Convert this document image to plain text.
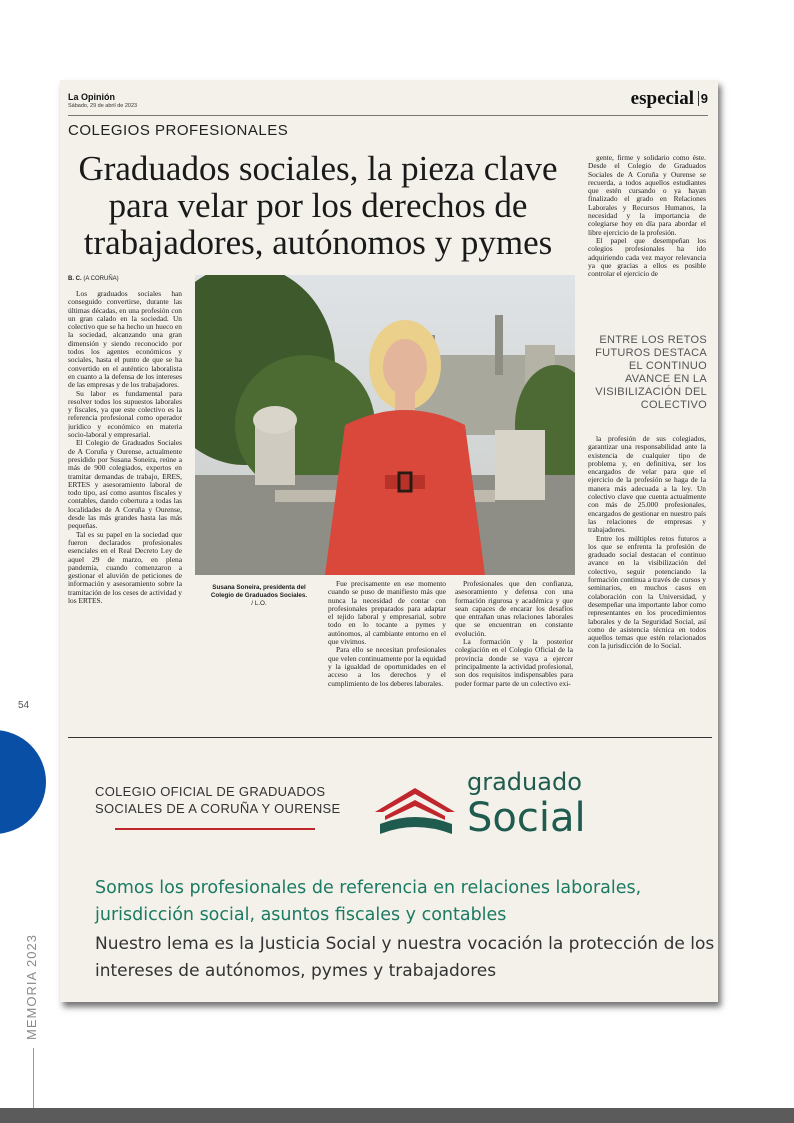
54
MEMORIA 2023
La Opinión
Sábado, 29 de abril de 2023	especial 9
COLEGIOS PROFESIONALES
Graduados sociales, la pieza clave para velar por los derechos de trabajadores, autónomos y pymes
B. C. (A CORUÑA)

Los graduados sociales han conseguido convertirse, durante las últimas décadas, en una profesión con un gran calado en la sociedad. Un colectivo que se ha hecho un hueco en la sociedad, alcanzando una gran dimensión y siendo reconocido por todos los agentes económicos y sociales, hasta el punto de que se ha convertido en el auténtico laboralista en cuanto a la defensa de los intereses de las empresas y de los trabajadores.

Su labor es fundamental para resolver todos los supuestos laborales y fiscales, ya que este colectivo es la referencia profesional como operador jurídico y económico en materia socio-laboral y empresarial.

El Colegio de Graduados Sociales de A Coruña y Ourense, actualmente presidido por Susana Soneira, reúne a más de 900 colegiados, expertos en tramitar demandas de trabajo, ERES, ERTES y asesoramiento laboral de todo tipo, así como asuntos fiscales y contables, dando cobertura a todas las localidades de A Coruña y Ourense, desde las más grandes hasta las más pequeñas.

Tal es su papel en la sociedad que fueron declarados profesionales esenciales en el Real Decreto Ley de aquel 29 de marzo, en plena pandemia, cuando comenzaron a gestionar el aluvión de peticiones de información y asesoramiento sobre la tramitación de los ceses de actividad y los ERTES.

Susana Soneira, presidenta del Colegio de Graduados Sociales.
/ L.O.

Fue precisamente en ese momento cuando se puso de manifiesto más que nunca la necesidad de contar con profesionales preparados para adaptar el tejido laboral y empresarial, sobre todo en lo tocante a pymes y autónomos, al cambiante entorno en el que vivimos.

Para ello se necesitan profesionales que velen continuamente por la equidad y la igualdad de oportunidades en el acceso a los derechos y el cumplimiento de los deberes laborales.

Profesionales que den confianza, asesoramiento y defensa con una formación rigurosa y académica y que sean capaces de encarar los desafíos que entrañan unas relaciones laborales que se encuentran en constante evolución.

La formación y la posterior colegiación en el Colegio Oficial de la provincia donde se vaya a ejercer principalmente la actividad profesional, son dos requisitos indispensables para poder formar parte de un colectivo exi-

gente, firme y solidario como éste. Desde el Colegio de Graduados Sociales de A Coruña y Ourense se recuerda, a todos aquellos estudiantes que estén cursando o ya hayan finalizado el grado en Relaciones Laborales y Recursos Humanos, la necesidad y la importancia de colegiarse hoy en día para abordar el libre ejercicio de la profesión.

El papel que desempeñan los colegios profesionales ha ido adquiriendo cada vez mayor relevancia ya que gracias a ellos es posible controlar el ejercicio de

ENTRE LOS RETOS FUTUROS DESTACA EL CONTINUO AVANCE EN LA VISIBILIZACIÓN DEL COLECTIVO

la profesión de sus colegiados, garantizar una responsabilidad ante la existencia de cualquier tipo de problema y, en definitiva, ser los encargados de velar para que el ejercicio de la profesión se haga de la manera más adecuada a la ley. Un colectivo clave que cuenta actualmente con más de 25.000 profesionales, encargados de gestionar en nuestro país las relaciones de empresas y trabajadores.

Entre los múltiples retos futuros a los que se enfrenta la profesión de graduado social destacan el continuo avance en la visibilización del colectivo, seguir potenciando la formación continua a través de cursos y seminarios, en muchos casos en colaboración con la Universidad, y desempeñar una importante labor como representantes en los procedimientos laborales y de la Seguridad Social, así como de asistencia técnica en todos aquellos temas que estén relacionados con la jurisdicción de lo Social.

COLEGIO OFICIAL DE GRADUADOS
SOCIALES DE A CORUÑA Y OURENSE
graduado
Social
Somos los profesionales de referencia en relaciones laborales, jurisdicción social, asuntos fiscales y contables
Nuestro lema es la Justicia Social y nuestra vocación la protección de los intereses de autónomos, pymes y trabajadores
